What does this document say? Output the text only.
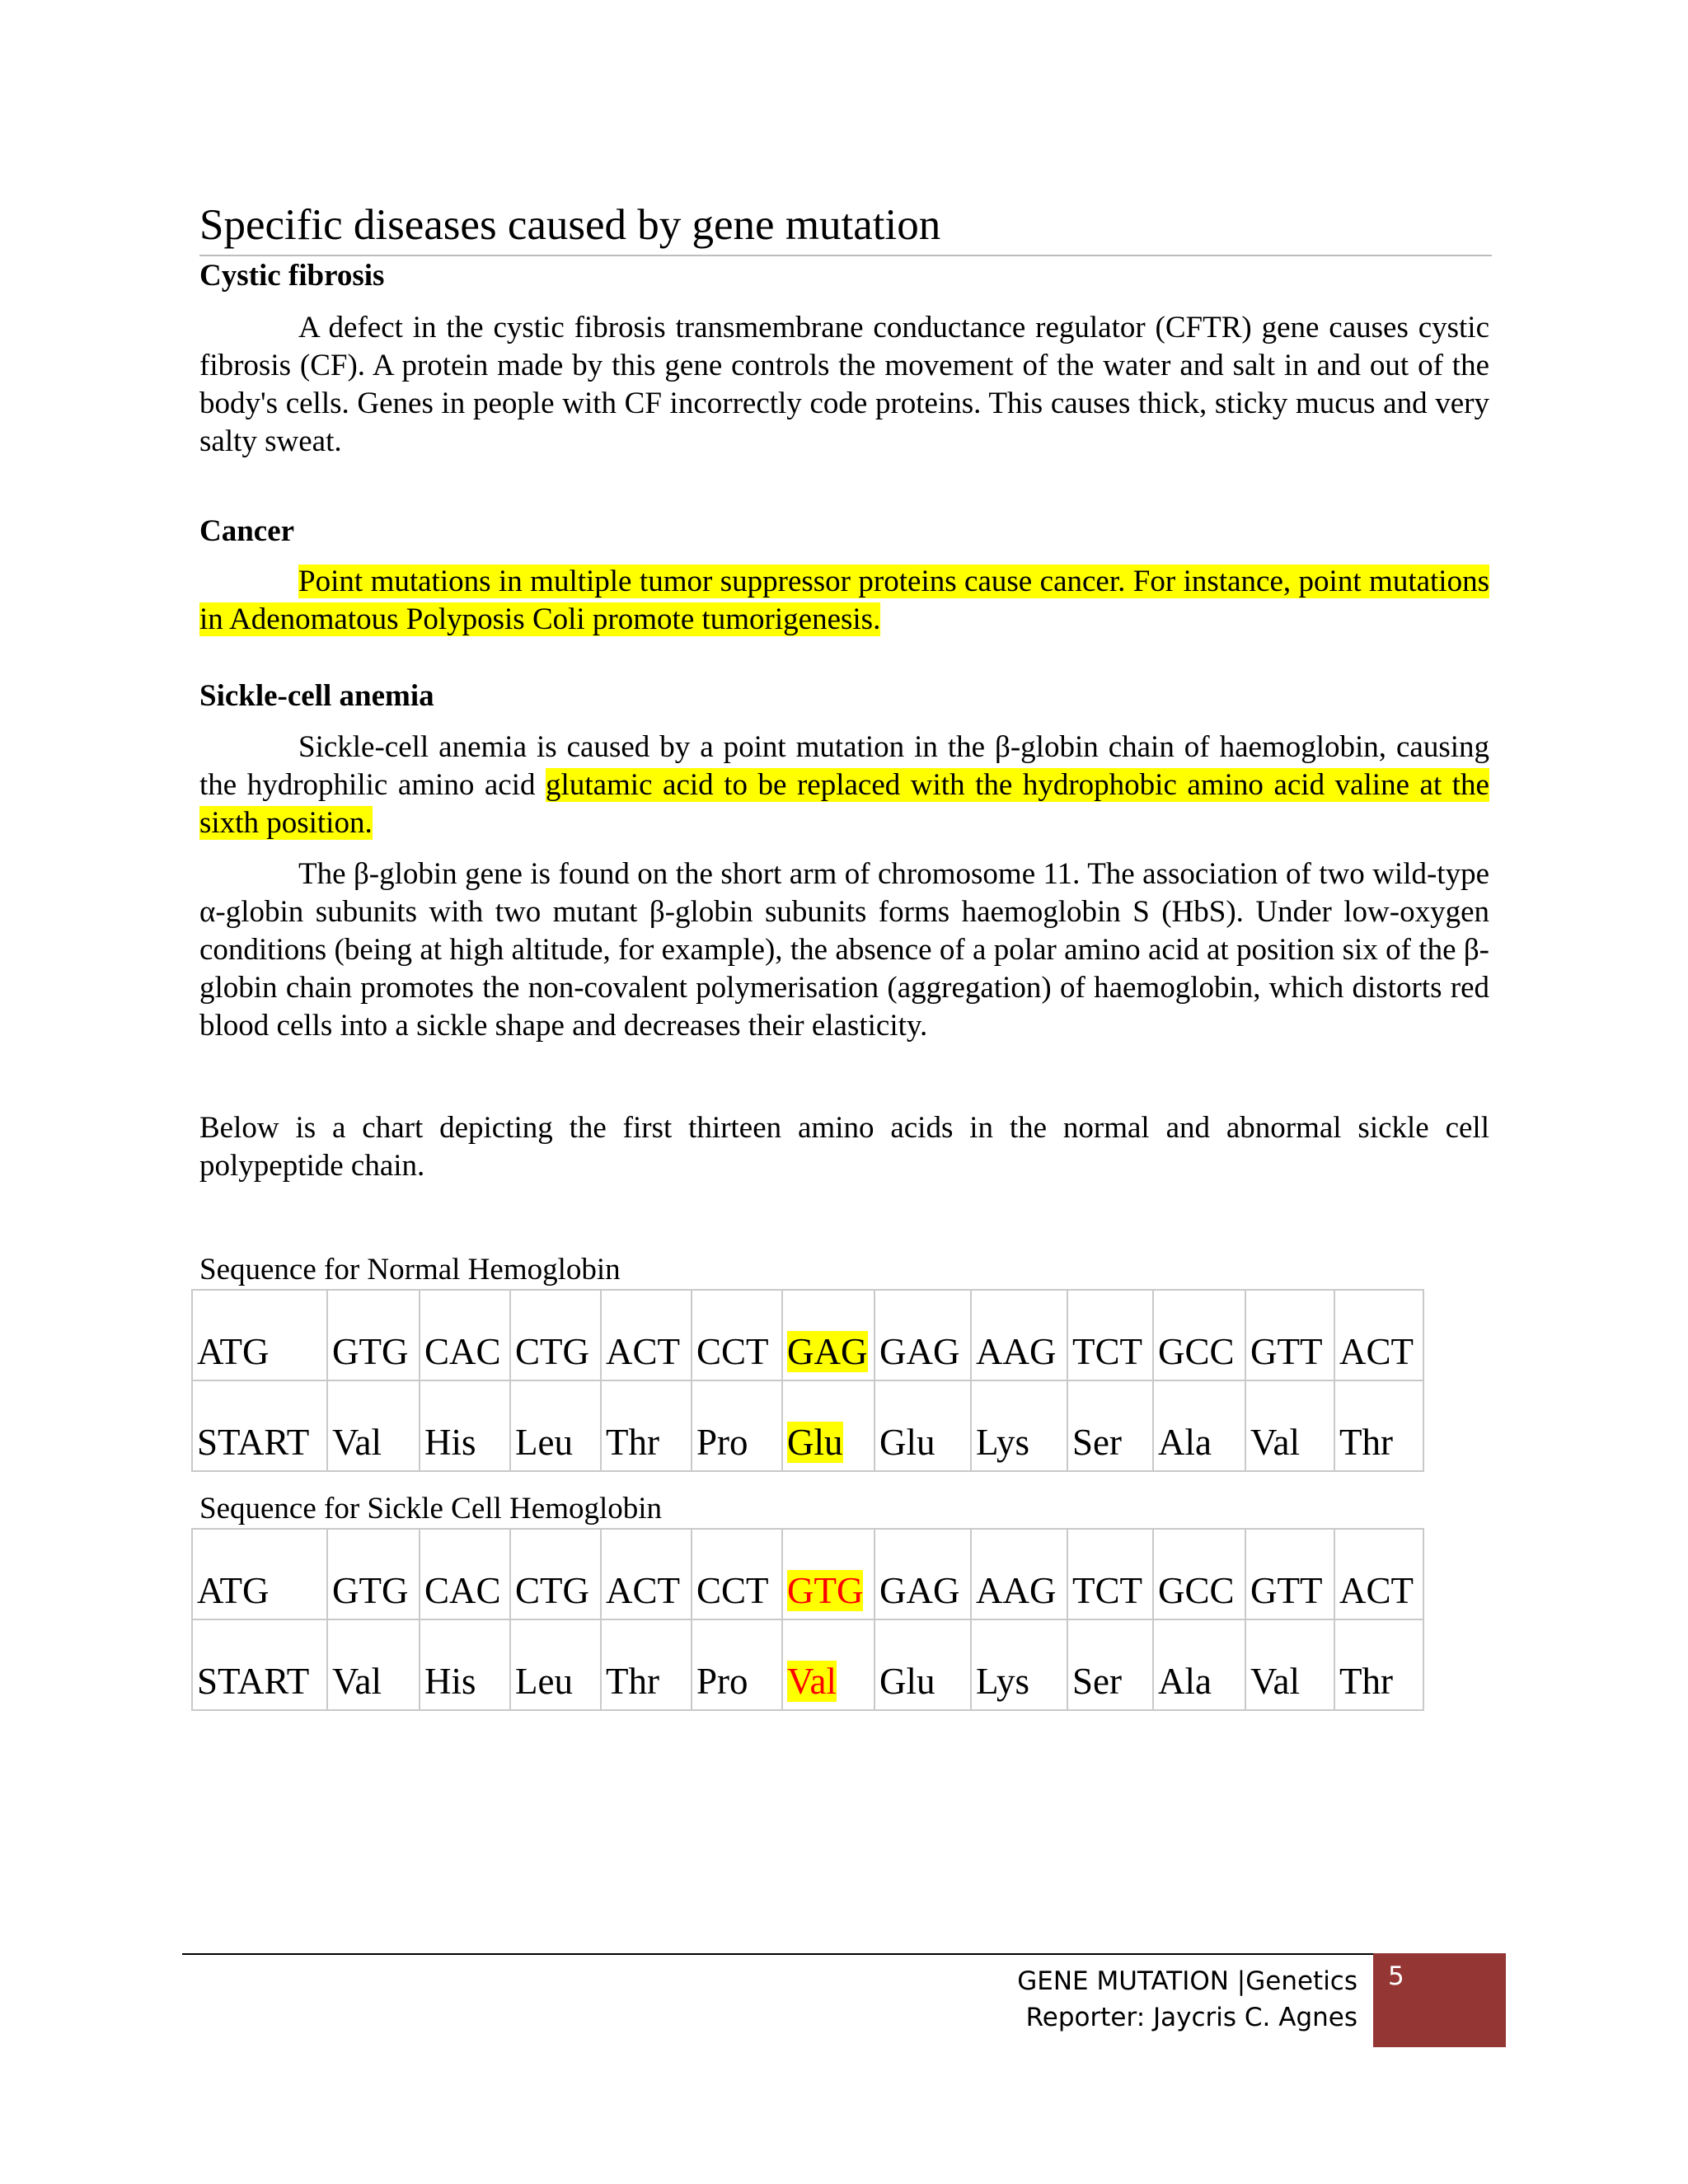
Specific diseases caused by gene mutation
Cystic fibrosis
A defect in the cystic fibrosis transmembrane conductance regulator (CFTR) gene causes cystic fibrosis (CF). A protein made by this gene controls the movement of the water and salt in and out of the body's cells. Genes in people with CF incorrectly code proteins. This causes thick, sticky mucus and very salty sweat.
Cancer
Point mutations in multiple tumor suppressor proteins cause cancer. For instance, point mutations in Adenomatous Polyposis Coli promote tumorigenesis.
Sickle-cell anemia
Sickle-cell anemia is caused by a point mutation in the β-globin chain of haemoglobin, causing the hydrophilic amino acid glutamic acid to be replaced with the hydrophobic amino acid valine at the sixth position.
The β-globin gene is found on the short arm of chromosome 11. The association of two wild-type α-globin subunits with two mutant β-globin subunits forms haemoglobin S (HbS). Under low-oxygen conditions (being at high altitude, for example), the absence of a polar amino acid at position six of the β-globin chain promotes the non-covalent polymerisation (aggregation) of haemoglobin, which distorts red blood cells into a sickle shape and decreases their elasticity.
Below is a chart depicting the first thirteen amino acids in the normal and abnormal sickle cell polypeptide chain.
Sequence for Normal Hemoglobin
ATG	GTG	CAC	CTG	ACT	CCT	GAG	GAG	AAG	TCT	GCC	GTT	ACT
START	Val	His	Leu	Thr	Pro	Glu	Glu	Lys	Ser	Ala	Val	Thr
Sequence for Sickle Cell Hemoglobin
ATG	GTG	CAC	CTG	ACT	CCT	GTG	GAG	AAG	TCT	GCC	GTT	ACT
START	Val	His	Leu	Thr	Pro	Val	Glu	Lys	Ser	Ala	Val	Thr
GENE MUTATION |Genetics
Reporter: Jaycris C. Agnes
5
